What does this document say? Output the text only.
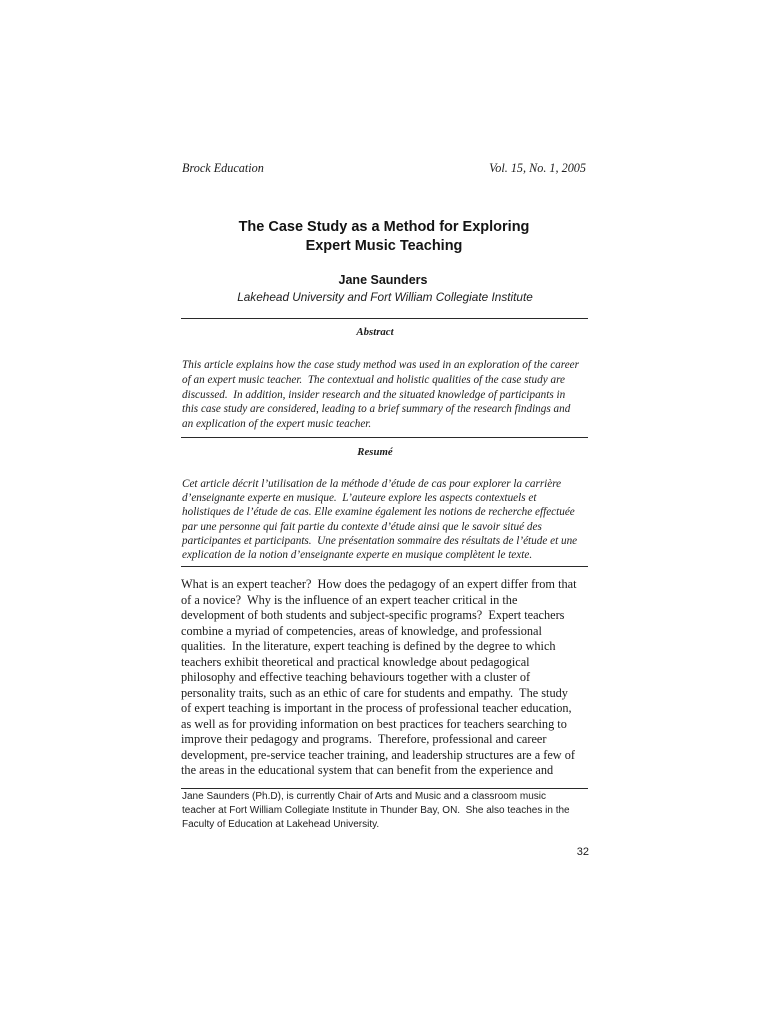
Brock Education	Vol. 15, No. 1, 2005
The Case Study as a Method for Exploring
Expert Music Teaching
Jane Saunders
Lakehead University and Fort William Collegiate Institute
Abstract
This article explains how the case study method was used in an exploration of the career
of an expert music teacher.  The contextual and holistic qualities of the case study are
discussed.  In addition, insider research and the situated knowledge of participants in
this case study are considered, leading to a brief summary of the research findings and
an explication of the expert music teacher.
Resumé
Cet article décrit l’utilisation de la méthode d’étude de cas pour explorer la carrière
d’enseignante experte en musique.  L’auteure explore les aspects contextuels et
holistiques de l’étude de cas. Elle examine également les notions de recherche effectuée
par une personne qui fait partie du contexte d’étude ainsi que le savoir situé des
participantes et participants.  Une présentation sommaire des résultats de l’étude et une
explication de la notion d’enseignante experte en musique complètent le texte.
What is an expert teacher?  How does the pedagogy of an expert differ from that
of a novice?  Why is the influence of an expert teacher critical in the
development of both students and subject-specific programs?  Expert teachers
combine a myriad of competencies, areas of knowledge, and professional
qualities.  In the literature, expert teaching is defined by the degree to which
teachers exhibit theoretical and practical knowledge about pedagogical
philosophy and effective teaching behaviours together with a cluster of
personality traits, such as an ethic of care for students and empathy.  The study
of expert teaching is important in the process of professional teacher education,
as well as for providing information on best practices for teachers searching to
improve their pedagogy and programs.  Therefore, professional and career
development, pre-service teacher training, and leadership structures are a few of
the areas in the educational system that can benefit from the experience and
Jane Saunders (Ph.D), is currently Chair of Arts and Music and a classroom music
teacher at Fort William Collegiate Institute in Thunder Bay, ON.  She also teaches in the
Faculty of Education at Lakehead University.
32
